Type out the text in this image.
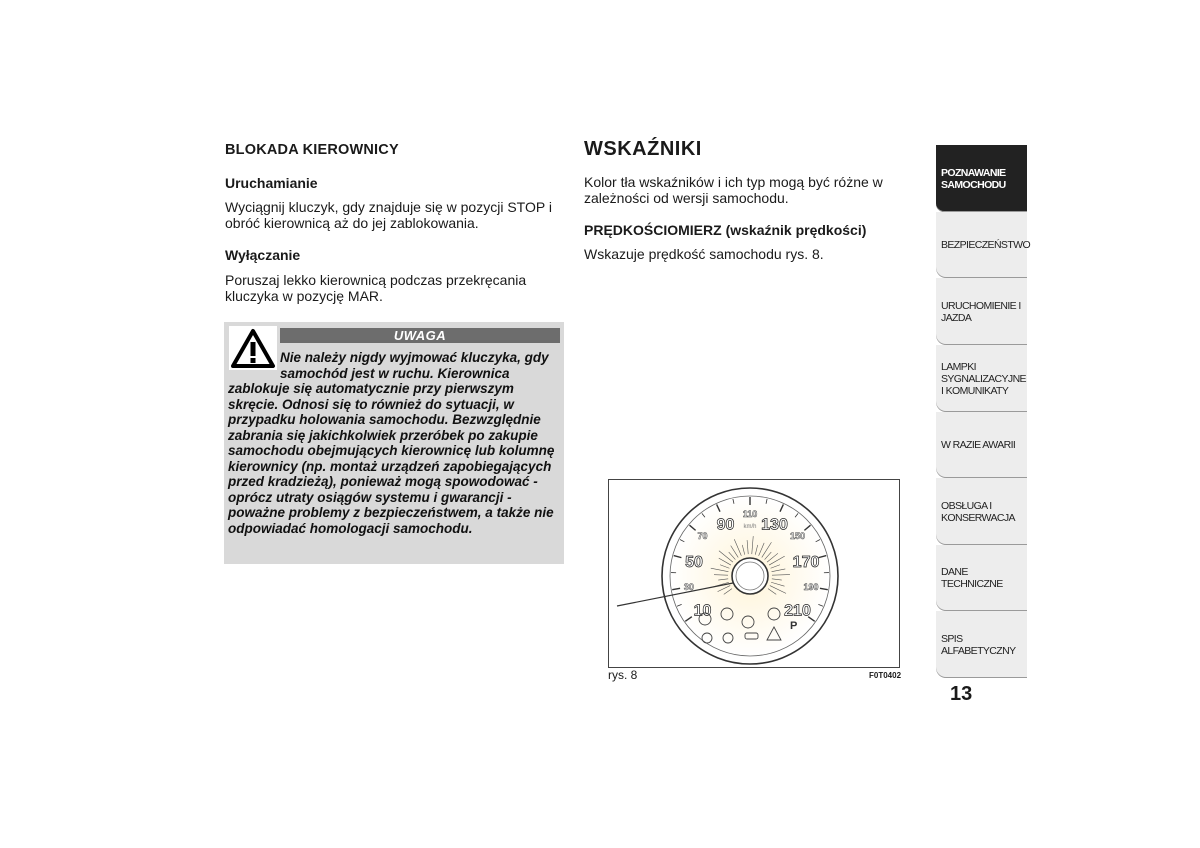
BLOKADA KIEROWNICY
Uruchamianie
Wyciągnij kluczyk, gdy znajduje się w pozycji STOP i obróć kierownicą aż do jej zablokowania.
Wyłączanie
Poruszaj lekko kierownicą podczas przekręcania kluczyka w pozycję MAR.
UWAGA
Nie należy nigdy wyjmować kluczyka, gdy samochód jest w ruchu. Kierownica zablokuje się automatycznie przy pierwszym skręcie. Odnosi się to również do sytuacji, w przypadku holowania samochodu. Bezwzględnie zabrania się jakichkolwiek przeróbek po zakupie samochodu obejmujących kierownicę lub kolumnę kierownicy (np. montaż urządzeń zapobiegających przed kradzieżą), ponieważ mogą spowodować - oprócz utraty osiągów systemu i gwarancji - poważne problemy z bezpieczeństwem, a także nie odpowiadać homologacji samochodu.
WSKAŹNIKI
Kolor tła wskaźników i ich typ mogą być różne w zależności od wersji samochodu.
PRĘDKOŚCIOMIERZ (wskaźnik prędkości)
Wskazuje prędkość samochodu rys. 8.
10
30
50
70
90
110
130
150
170
190
210
km/h
P
rys. 8	F0T0402
POZNAWANIE SAMOCHODU
BEZPIECZEŃSTWO
URUCHOMIENIE I JAZDA
LAMPKI SYGNALIZACYJNE I KOMUNIKATY
W RAZIE AWARII
OBSŁUGA I KONSERWACJA
DANE TECHNICZNE
SPIS ALFABETYCZNY
13
